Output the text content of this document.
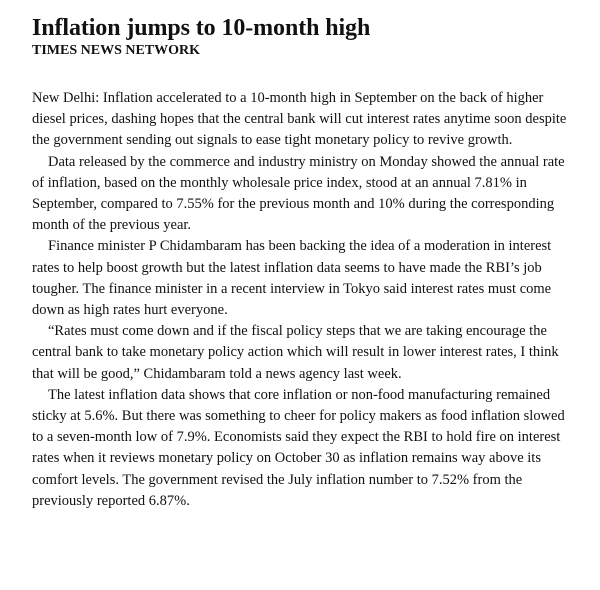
Inflation jumps to 10-month high
TIMES NEWS NETWORK

New Delhi: Inflation accelerated to a 10-month high in September on the back of higher diesel prices, dashing hopes that the central bank will cut interest rates anytime soon despite the government sending out signals to ease tight monetary policy to revive growth.

Data released by the commerce and industry ministry on Monday showed the annual rate of inflation, based on the monthly wholesale price index, stood at an annual 7.81% in September, compared to 7.55% for the previous month and 10% during the corresponding month of the previous year.

Finance minister P Chidambaram has been backing the idea of a moderation in interest rates to help boost growth but the latest inflation data seems to have made the RBI’s job tougher. The finance minister in a recent interview in Tokyo said interest rates must come down as high rates hurt everyone.

“Rates must come down and if the fiscal policy steps that we are taking encourage the central bank to take monetary policy action which will result in lower interest rates, I think that will be good,” Chidambaram told a news agency last week.

The latest inflation data shows that core inflation or non-food manufacturing remained sticky at 5.6%. But there was something to cheer for policy makers as food inflation slowed to a seven-month low of 7.9%. Economists said they expect the RBI to hold fire on interest rates when it reviews monetary policy on October 30 as inflation remains way above its comfort levels. The government revised the July inflation number to 7.52% from the previously reported 6.87%.
